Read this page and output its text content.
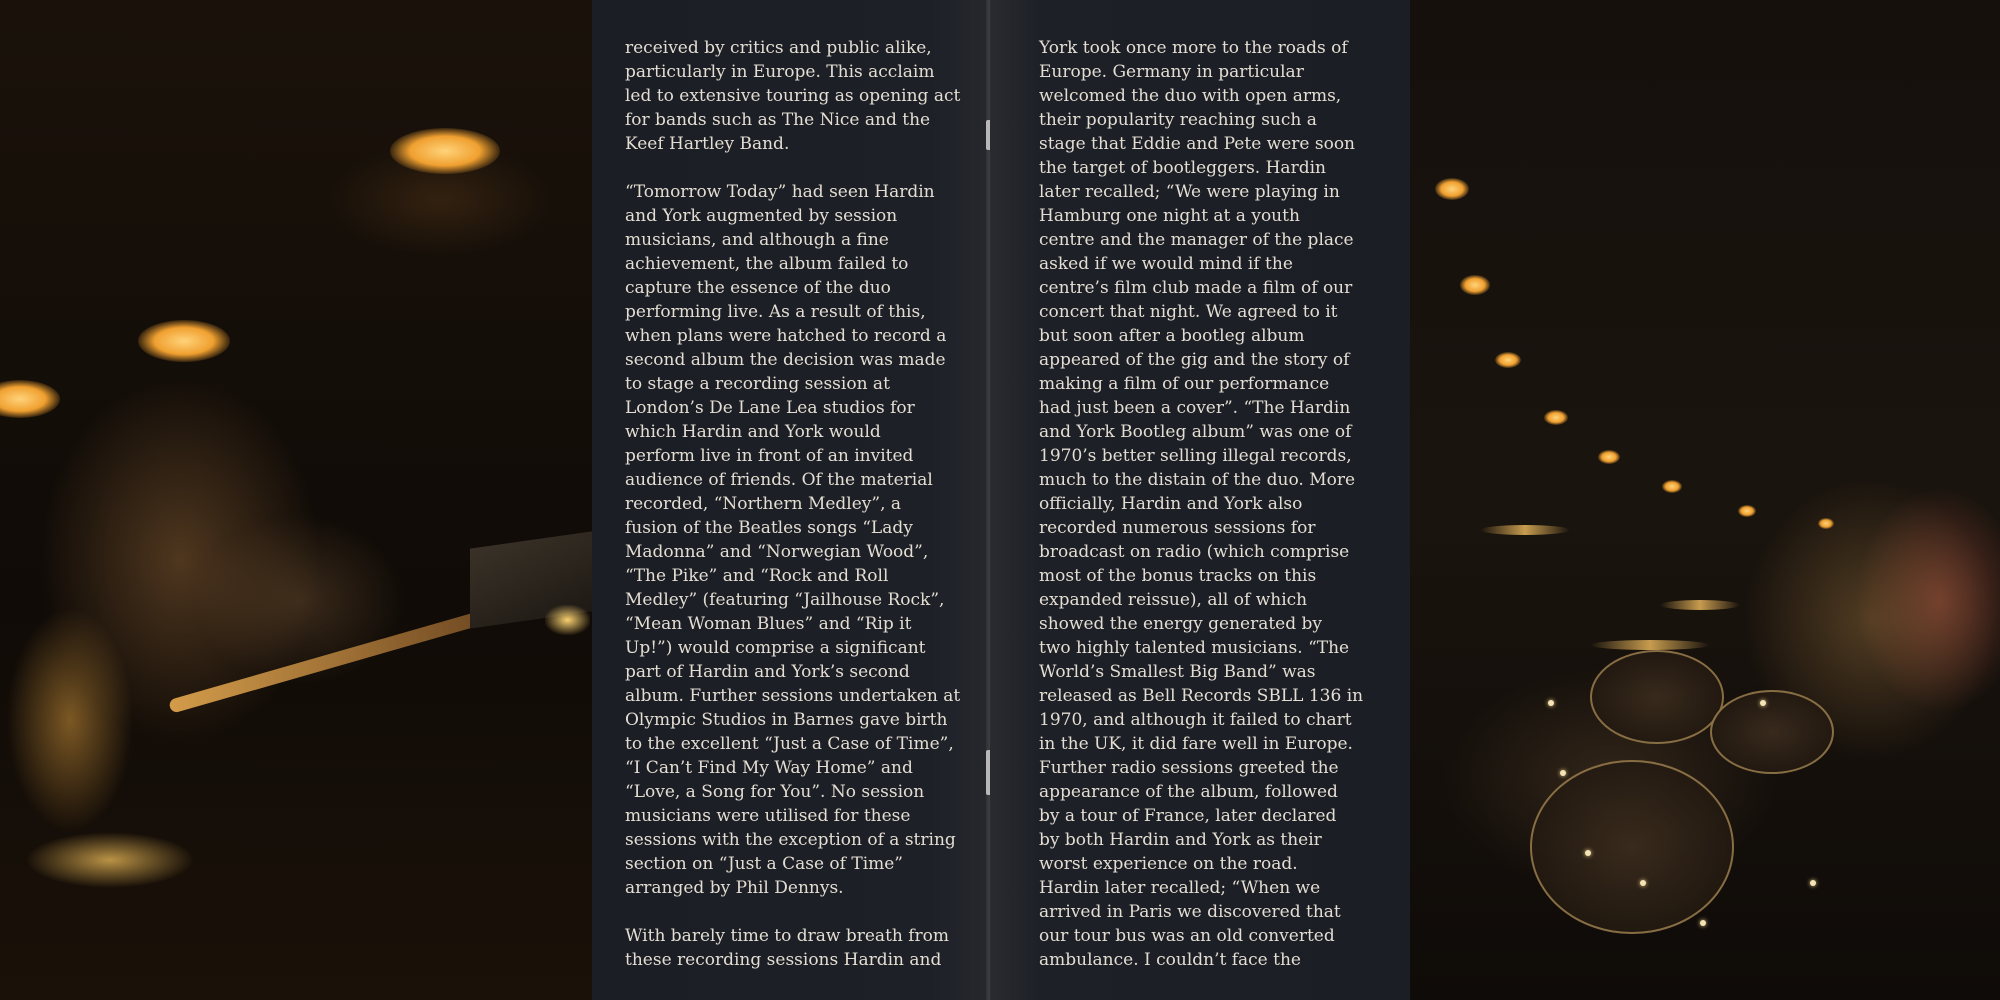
received by critics and public alike,
particularly in Europe. This acclaim
led to extensive touring as opening act
for bands such as The Nice and the
Keef Hartley Band.

“Tomorrow Today” had seen Hardin
and York augmented by session
musicians, and although a fine
achievement, the album failed to
capture the essence of the duo
performing live. As a result of this,
when plans were hatched to record a
second album the decision was made
to stage a recording session at
London’s De Lane Lea studios for
which Hardin and York would
perform live in front of an invited
audience of friends. Of the material
recorded, “Northern Medley”, a
fusion of the Beatles songs “Lady
Madonna” and “Norwegian Wood”,
“The Pike” and “Rock and Roll
Medley” (featuring “Jailhouse Rock”,
“Mean Woman Blues” and “Rip it
Up!”) would comprise a significant
part of Hardin and York’s second
album. Further sessions undertaken at
Olympic Studios in Barnes gave birth
to the excellent “Just a Case of Time”,
“I Can’t Find My Way Home” and
“Love, a Song for You”. No session
musicians were utilised for these
sessions with the exception of a string
section on “Just a Case of Time”
arranged by Phil Dennys.

With barely time to draw breath from
these recording sessions Hardin and

York took once more to the roads of
Europe. Germany in particular
welcomed the duo with open arms,
their popularity reaching such a
stage that Eddie and Pete were soon
the target of bootleggers. Hardin
later recalled; “We were playing in
Hamburg one night at a youth
centre and the manager of the place
asked if we would mind if the
centre’s film club made a film of our
concert that night. We agreed to it
but soon after a bootleg album
appeared of the gig and the story of
making a film of our performance
had just been a cover”. “The Hardin
and York Bootleg album” was one of
1970’s better selling illegal records,
much to the distain of the duo. More
officially, Hardin and York also
recorded numerous sessions for
broadcast on radio (which comprise
most of the bonus tracks on this
expanded reissue), all of which
showed the energy generated by
two highly talented musicians. “The
World’s Smallest Big Band” was
released as Bell Records SBLL 136 in
1970, and although it failed to chart
in the UK, it did fare well in Europe.
Further radio sessions greeted the
appearance of the album, followed
by a tour of France, later declared
by both Hardin and York as their
worst experience on the road.
Hardin later recalled; “When we
arrived in Paris we discovered that
our tour bus was an old converted
ambulance. I couldn’t face the
